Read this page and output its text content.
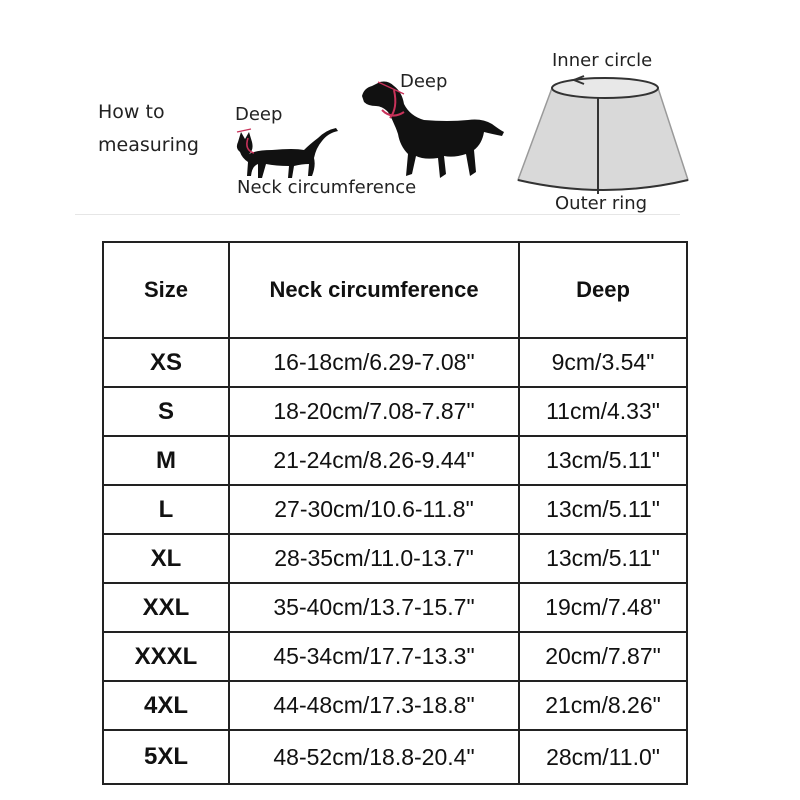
How to
measuring
Deep
Neck circumference
Deep
Inner circle
Outer ring
Size	Neck circumference	Deep
XS	16-18cm/6.29-7.08"	9cm/3.54"
S	18-20cm/7.08-7.87"	11cm/4.33"
M	21-24cm/8.26-9.44"	13cm/5.11"
L	27-30cm/10.6-11.8"	13cm/5.11"
XL	28-35cm/11.0-13.7"	13cm/5.11"
XXL	35-40cm/13.7-15.7"	19cm/7.48"
XXXL	45-34cm/17.7-13.3"	20cm/7.87"
4XL	44-48cm/17.3-18.8"	21cm/8.26"
5XL	48-52cm/18.8-20.4"	28cm/11.0"
